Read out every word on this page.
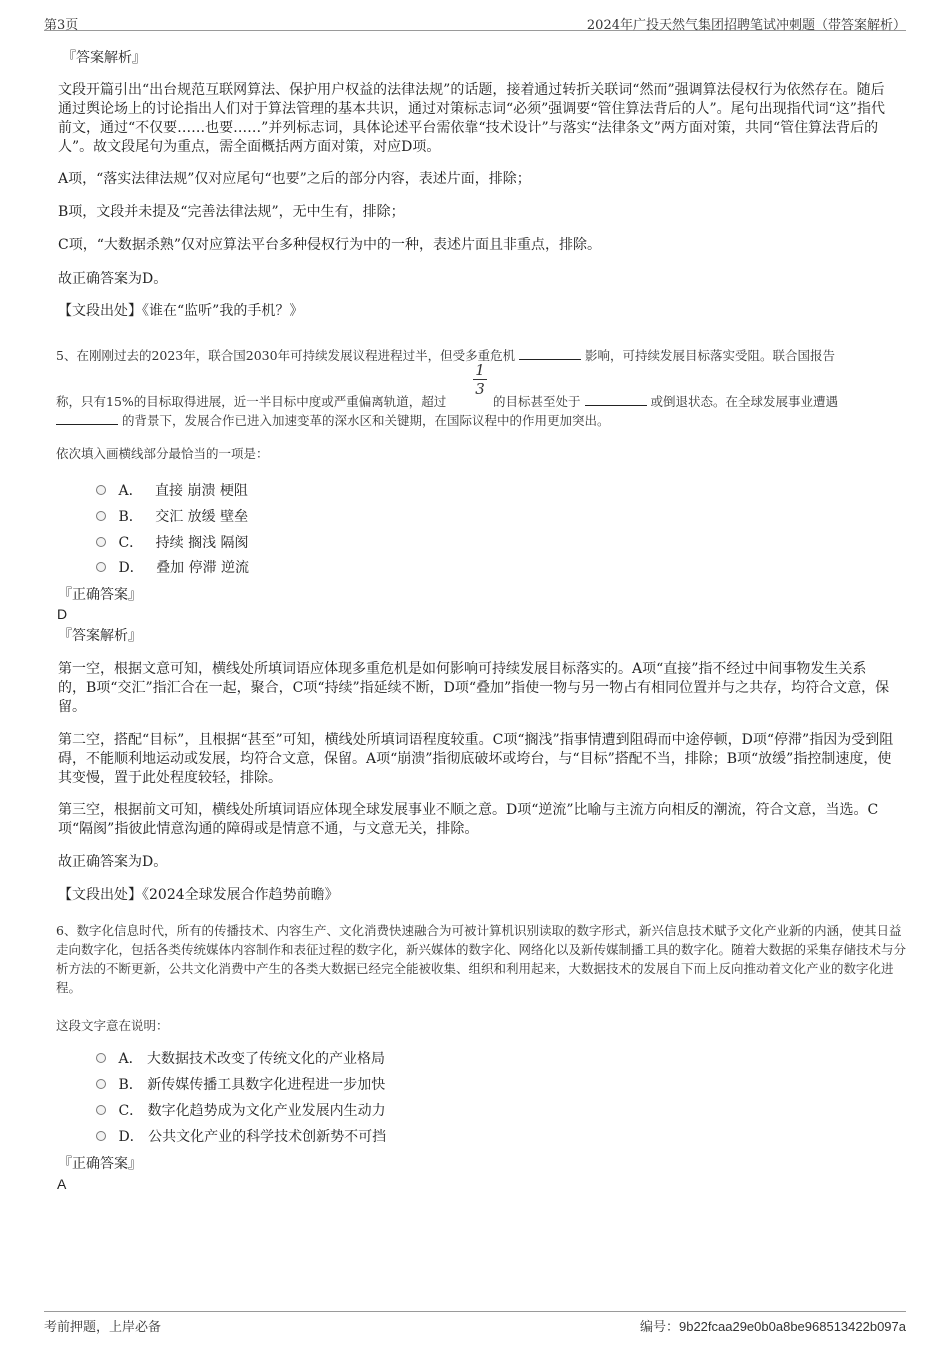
第3页	2024年广投天然气集团招聘笔试冲刺题（带答案解析）
『答案解析』

文段开篇引出“出台规范互联网算法、保护用户权益的法律法规”的话题，接着通过转折关联词“然而”强调算法侵权行为依然存在。随后通过舆论场上的讨论指出人们对于算法管理的基本共识，通过对策标志词“必须”强调要“管住算法背后的人”。尾句出现指代词“这”指代前文，通过“不仅要……也要……”并列标志词，具体论述平台需依靠“技术设计”与落实“法律条文”两方面对策，共同“管住算法背后的人”。故文段尾句为重点，需全面概括两方面对策，对应D项。

A项，“落实法律法规”仅对应尾句“也要”之后的部分内容，表述片面，排除；

B项，文段并未提及“完善法律法规”，无中生有，排除；

C项，“大数据杀熟”仅对应算法平台多种侵权行为中的一种，表述片面且非重点，排除。

故正确答案为D。

【文段出处】《谁在“监听”我的手机？》

5、在刚刚过去的2023年，联合国2030年可持续发展议程进程过半，但受多重危机	影响，可持续发展目标落实受阻。联合国报告
1
3
称，只有15%的目标取得进展，近一半目标中度或严重偏离轨道，超过	的目标甚至处于	或倒退状态。在全球发展事业遭遇
的背景下，发展合作已进入加速变革的深水区和关键期，在国际议程中的作用更加突出。
依次填入画横线部分最恰当的一项是：
A． 直接 崩溃 梗阻
B． 交汇 放缓 壁垒
C． 持续 搁浅 隔阂
D． 叠加 停滞 逆流
『正确答案』
D
『答案解析』

第一空，根据文意可知，横线处所填词语应体现多重危机是如何影响可持续发展目标落实的。A项“直接”指不经过中间事物发生关系的，B项“交汇”指汇合在一起，聚合，C项“持续”指延续不断，D项“叠加”指使一物与另一物占有相同位置并与之共存，均符合文意，保留。

第二空，搭配“目标”，且根据“甚至”可知，横线处所填词语程度较重。C项“搁浅”指事情遭到阻碍而中途停顿，D项“停滞”指因为受到阻碍，不能顺利地运动或发展，均符合文意，保留。A项“崩溃”指彻底破坏或垮台，与“目标”搭配不当，排除；B项“放缓”指控制速度，使其变慢，置于此处程度较轻，排除。

第三空，根据前文可知，横线处所填词语应体现全球发展事业不顺之意。D项“逆流”比喻与主流方向相反的潮流，符合文意，当选。C项“隔阂”指彼此情意沟通的障碍或是情意不通，与文意无关，排除。

故正确答案为D。

【文段出处】《2024全球发展合作趋势前瞻》

6、数字化信息时代，所有的传播技术、内容生产、文化消费快速融合为可被计算机识别读取的数字形式，新兴信息技术赋予文化产业新的内涵，使其日益走向数字化，包括各类传统媒体内容制作和表征过程的数字化，新兴媒体的数字化、网络化以及新传媒制播工具的数字化。随着大数据的采集存储技术与分析方法的不断更新，公共文化消费中产生的各类大数据已经完全能被收集、组织和利用起来，大数据技术的发展自下而上反向推动着文化产业的数字化进程。

这段文字意在说明：
A． 大数据技术改变了传统文化的产业格局
B． 新传媒传播工具数字化进程进一步加快
C． 数字化趋势成为文化产业发展内生动力
D． 公共文化产业的科学技术创新势不可挡
『正确答案』
A
考前押题，上岸必备	编号：9b22fcaa29e0b0a8be968513422b097a
